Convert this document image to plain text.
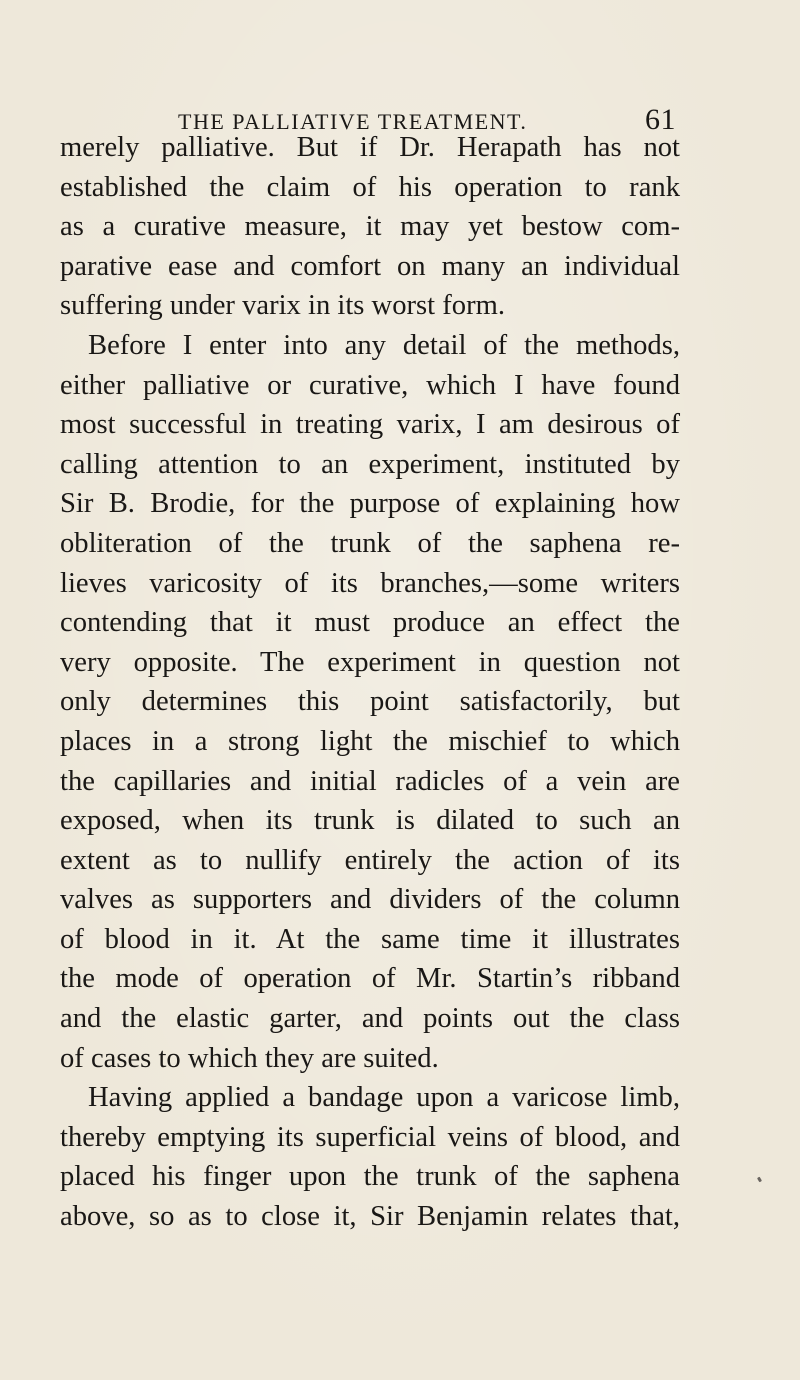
THE PALLIATIVE TREATMENT.	61
merely palliative. But if Dr. Herapath has not
established the claim of his operation to rank
as a curative measure, it may yet bestow com-
parative ease and comfort on many an individual
suffering under varix in its worst form.
Before I enter into any detail of the methods,
either palliative or curative, which I have found
most successful in treating varix, I am desirous of
calling attention to an experiment, instituted by
Sir B. Brodie, for the purpose of explaining how
obliteration of the trunk of the saphena re-
lieves varicosity of its branches,—some writers
contending that it must produce an effect the
very opposite. The experiment in question not
only determines this point satisfactorily, but
places in a strong light the mischief to which
the capillaries and initial radicles of a vein are
exposed, when its trunk is dilated to such an
extent as to nullify entirely the action of its
valves as supporters and dividers of the column
of blood in it. At the same time it illustrates
the mode of operation of Mr. Startin’s ribband
and the elastic garter, and points out the class
of cases to which they are suited.
Having applied a bandage upon a varicose limb,
thereby emptying its superficial veins of blood, and
placed his finger upon the trunk of the saphena
above, so as to close it, Sir Benjamin relates that,
